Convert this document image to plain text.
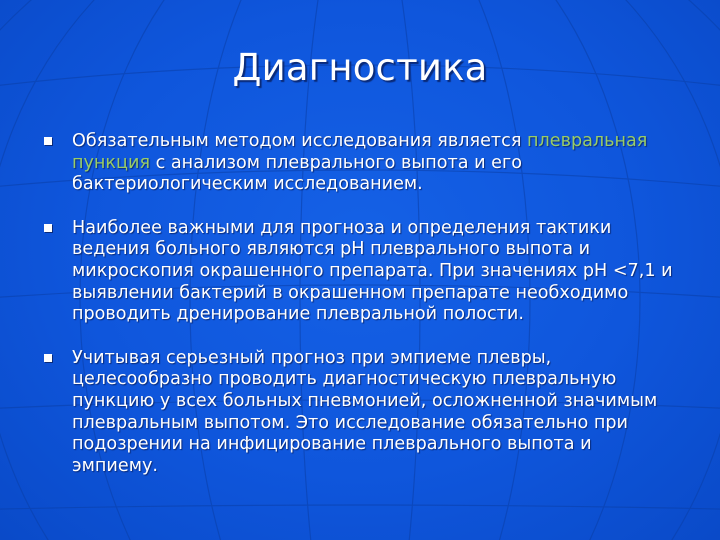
Диагностика
Обязательным методом исследования является плевральная пункция с анализом плеврального выпота и его бактериологическим исследованием.
Наиболее важными для прогноза и определения тактики ведения больного являются pH плеврального выпота и микроскопия окрашенного препарата. При значениях pH <7,1 и выявлении бактерий в окрашенном препарате необходимо проводить дренирование плевральной полости.
Учитывая серьезный прогноз при эмпиеме плевры, целесообразно проводить диагностическую плевральную пункцию у всех больных пневмонией, осложненной значимым плевральным выпотом. Это исследование обязательно при подозрении на инфицирование плеврального выпота и эмпиему.
